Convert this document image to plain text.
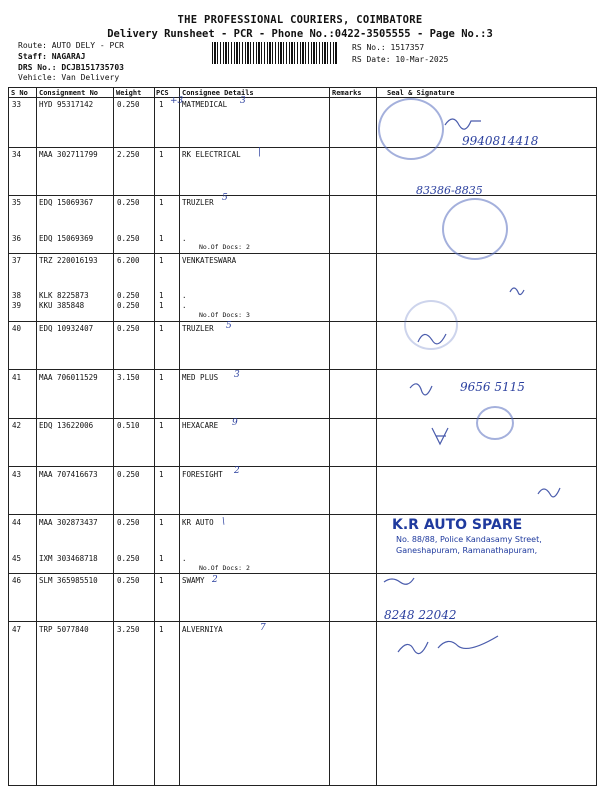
THE PROFESSIONAL COURIERS, COIMBATORE
Delivery Runsheet - PCR - Phone No.:0422-3505555 - Page No.:3
Route: AUTO DELY - PCR
Staff: NAGARAJ
DRS No.: DCJB151735703
Vehicle: Van Delivery
RS No.: 1517357
RS Date: 10-Mar-2025
S No Consignment No	Weight PCS Consignee Details	Remarks	Seal & Signature
33 HYD 95317142	0.250	1 MATMEDICAL
34 MAA 302711799	2.250	1 RK ELECTRICAL
35 EDQ 15069367	0.250	1 TRUZLER
36 EDQ 15069369	0.250	1 .
No.Of Docs: 2
37 TRZ 220016193	6.200	1 VENKATESWARA
38 KLK 8225873	0.250	1 .
39 KKU 385848	0.250	1 .
No.Of Docs: 3
40 EDQ 10932407	0.250	1 TRUZLER
41 MAA 706011529	3.150	1 MED PLUS
42 EDQ 13622006	0.510	1 HEXACARE
43 MAA 707416673	0.250	1 FORESIGHT
44 MAA 302873437	0.250	1 KR AUTO
45 IXM 303468718	0.250	1 .
No.Of Docs: 2
46 SLM 365985510	0.250	1 SWAMY
47 TRP 5077840	3.250	1 ALVERNIYA
+3	3
|
5
5
3
9
2
\
2
7
9940814418
83386-8835
9656 5115
8248 22042
K.R AUTO SPARE
No. 88/88, Police Kandasamy Street,
Ganeshapuram, Ramanathapuram,
